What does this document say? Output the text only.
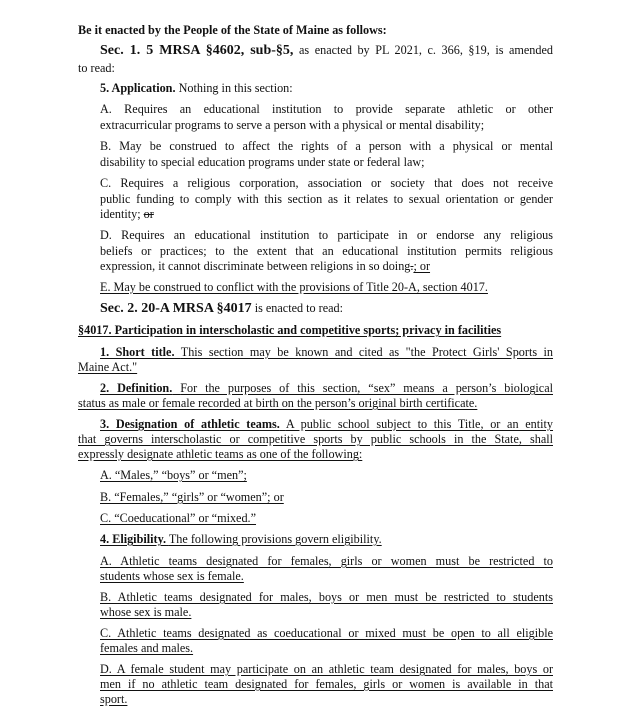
Be it enacted by the People of the State of Maine as follows:
Sec. 1. 5 MRSA §4602, sub-§5, as enacted by PL 2021, c. 366, §19, is amended
to read:
5. Application. Nothing in this section:
A. Requires an educational institution to provide separate athletic or other
extracurricular programs to serve a person with a physical or mental disability;
B. May be construed to affect the rights of a person with a physical or mental
disability to special education programs under state or federal law;
C. Requires a religious corporation, association or society that does not receive
public funding to comply with this section as it relates to sexual orientation or gender
identity; or
D. Requires an educational institution to participate in or endorse any religious
beliefs or practices; to the extent that an educational institution permits religious
expression, it cannot discriminate between religions in so doing.; or
E. May be construed to conflict with the provisions of Title 20-A, section 4017.
Sec. 2. 20-A MRSA §4017 is enacted to read:
§4017. Participation in interscholastic and competitive sports; privacy in facilities
1. Short title. This section may be known and cited as "the Protect Girls' Sports in
Maine Act."
2. Definition. For the purposes of this section, “sex” means a person’s biological
status as male or female recorded at birth on the person’s original birth certificate.
3. Designation of athletic teams. A public school subject to this Title, or an entity
that governs interscholastic or competitive sports by public schools in the State, shall
expressly designate athletic teams as one of the following:
A. “Males,” “boys” or “men”;
B. “Females,” “girls” or “women”; or
C. “Coeducational” or “mixed.”
4. Eligibility. The following provisions govern eligibility.
A. Athletic teams designated for females, girls or women must be restricted to
students whose sex is female.
B. Athletic teams designated for males, boys or men must be restricted to students
whose sex is male.
C. Athletic teams designated as coeducational or mixed must be open to all eligible
females and males.
D. A female student may participate on an athletic team designated for males, boys or
men if no athletic team designated for females, girls or women is available in that
sport.
